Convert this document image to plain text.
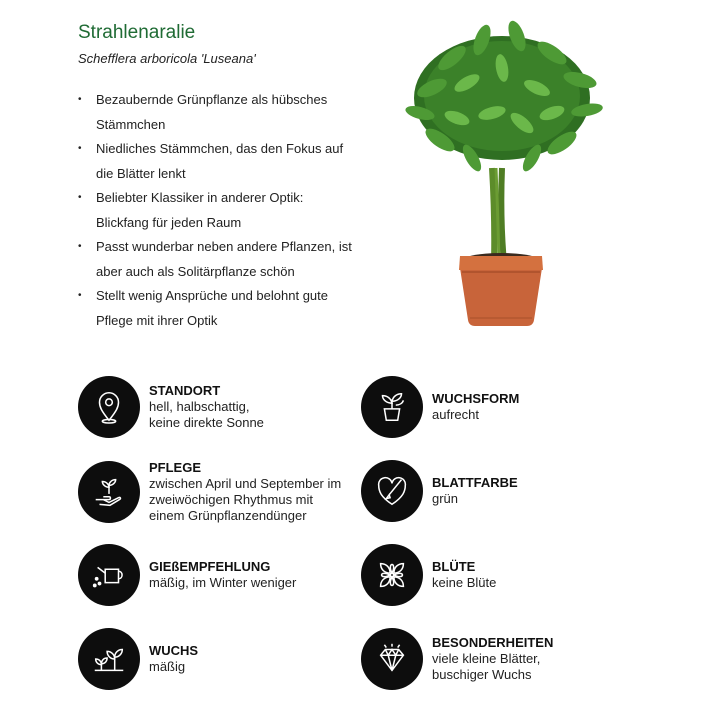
Strahlenaralie
Schefflera arboricola 'Luseana'
• Bezaubernde Grünpflanze als hübsches Stämmchen
• Niedliches Stämmchen, das den Fokus auf die Blätter lenkt
• Beliebter Klassiker in anderer Optik: Blickfang für jeden Raum
• Passt wunderbar neben andere Pflanzen, ist aber auch als Solitärpflanze schön
• Stellt wenig Ansprüche und belohnt gute Pflege mit ihrer Optik
STANDORT
hell, halbschattig,
keine direkte Sonne
WUCHSFORM
aufrecht
PFLEGE
zwischen April und September im
zweiwöchigen Rhythmus mit
einem Grünpflanzendünger
BLATTFARBE
grün
GIEßEMPFEHLUNG
mäßig, im Winter weniger
BLÜTE
keine Blüte
WUCHS
mäßig
BESONDERHEITEN
viele kleine Blätter,
buschiger Wuchs
